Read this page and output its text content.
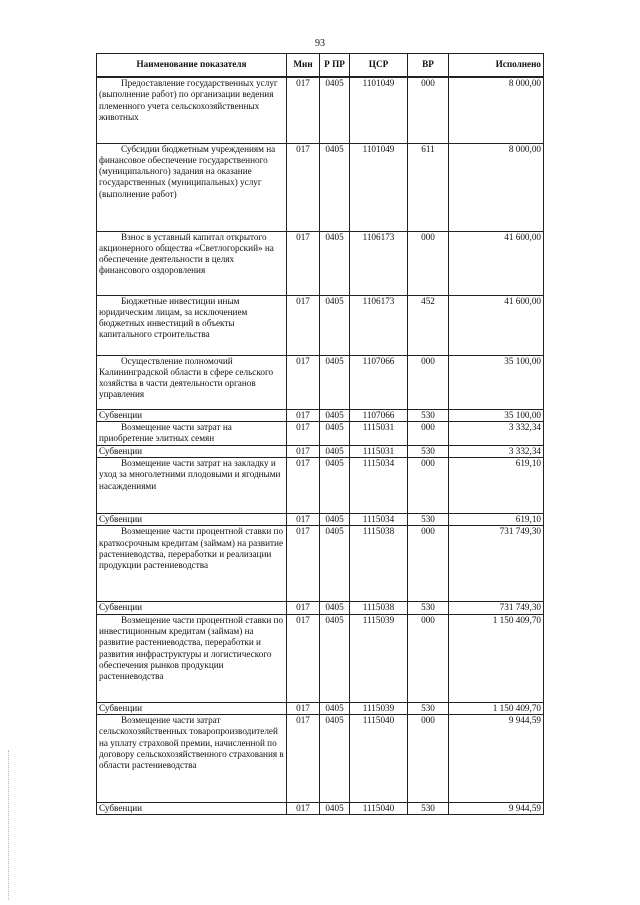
93
Наименование показателя	Мин	Р ПР	ЦСР	ВР	Исполнено
Предоставление государственных услуг (выполнение работ) по организации ведения племенного учета сельскохозяйственных животных	017	0405	1101049	000	8 000,00
Субсидии бюджетным учреждениям на финансовое обеспечение государственного (муниципального) задания на оказание государственных (муниципальных) услуг (выполнение работ)	017	0405	1101049	611	8 000,00
Взнос в уставный капитал открытого акционерного общества «Светлогорский» на обеспечение деятельности в целях финансового оздоровления	017	0405	1106173	000	41 600,00
Бюджетные инвестиции иным юридическим лицам, за исключением бюджетных инвестиций в объекты капитального строительства	017	0405	1106173	452	41 600,00
Осуществление полномочий Калининградской области в сфере сельского хозяйства в части деятельности органов управления	017	0405	1107066	000	35 100,00
Субвенции	017	0405	1107066	530	35 100,00
Возмещение части затрат на приобретение элитных семян	017	0405	1115031	000	3 332,34
Субвенции	017	0405	1115031	530	3 332,34
Возмещение части затрат на закладку и уход за многолетними плодовыми и ягодными насаждениями	017	0405	1115034	000	619,10
Субвенции	017	0405	1115034	530	619,10
Возмещение части процентной ставки по краткосрочным кредитам (займам) на развитие растениеводства, переработки и реализации продукции растениеводства	017	0405	1115038	000	731 749,30
Субвенции	017	0405	1115038	530	731 749,30
Возмещение части процентной ставки по инвестиционным кредитам (займам) на развитие растениеводства, переработки и развития инфраструктуры и логистического обеспечения рынков продукции растениеводства	017	0405	1115039	000	1 150 409,70
Субвенции	017	0405	1115039	530	1 150 409,70
Возмещение части затрат сельскохозяйственных товаропроизводителей на уплату страховой премии, начисленной по договору сельскохозяйственного страхования в области растениеводства	017	0405	1115040	000	9 944,59
Субвенции	017	0405	1115040	530	9 944,59
